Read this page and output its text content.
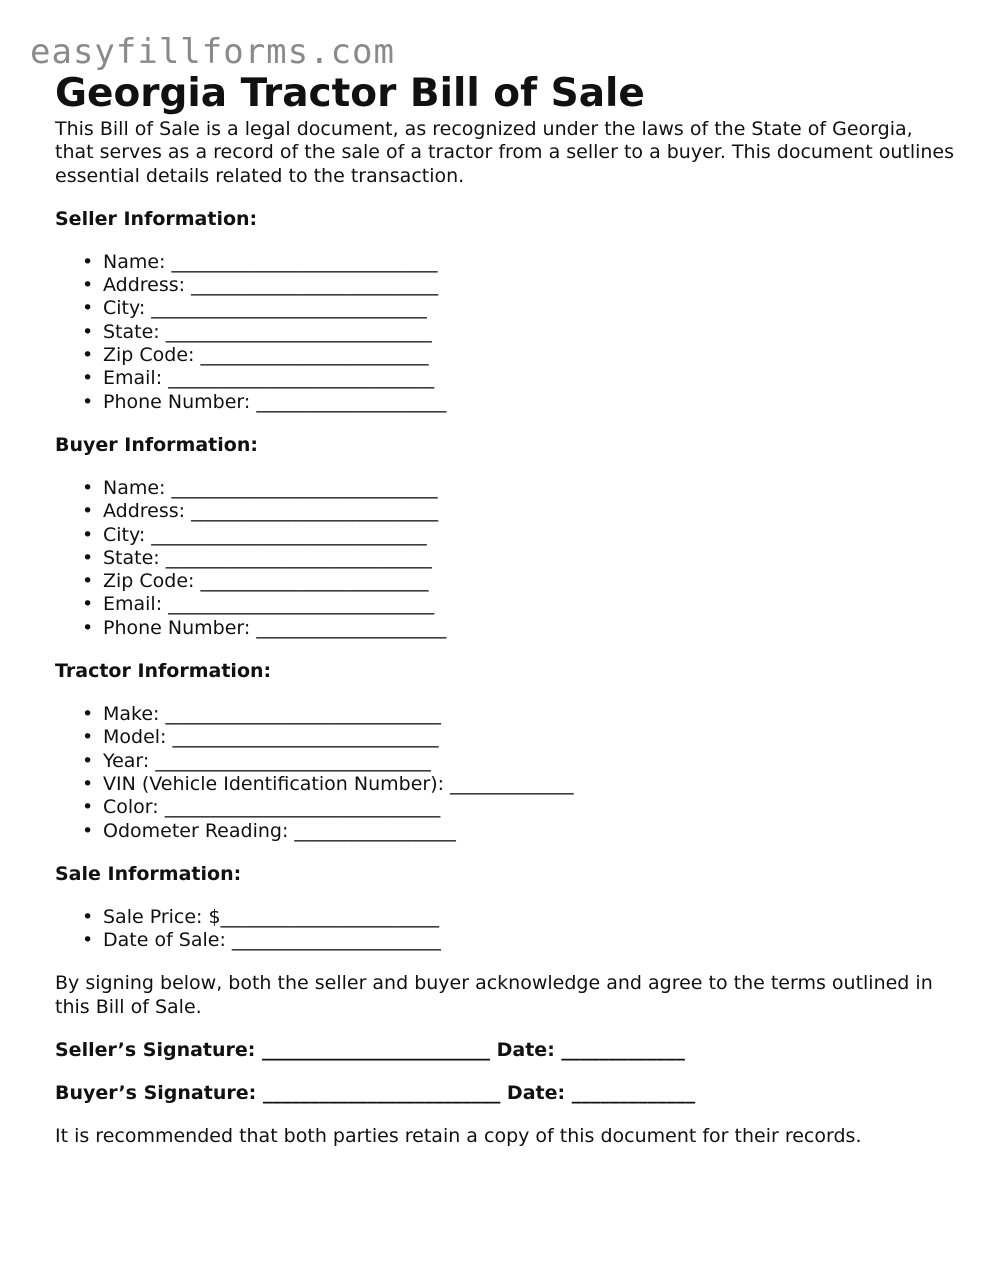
easyfillforms.com
Georgia Tractor Bill of Sale

This Bill of Sale is a legal document, as recognized under the laws of the State of Georgia, that serves as a record of the sale of a tractor from a seller to a buyer. This document outlines essential details related to the transaction.

Seller Information:
• Name: ____________________________
• Address: __________________________
• City: _____________________________
• State: ____________________________
• Zip Code: ________________________
• Email: ____________________________
• Phone Number: ____________________
Buyer Information:
• Name: ____________________________
• Address: __________________________
• City: _____________________________
• State: ____________________________
• Zip Code: ________________________
• Email: ____________________________
• Phone Number: ____________________
Tractor Information:
• Make: _____________________________
• Model: ____________________________
• Year: _____________________________
• VIN (Vehicle Identification Number): _____________
• Color: _____________________________
• Odometer Reading: _________________
Sale Information:
• Sale Price: $_______________________
• Date of Sale: ______________________

By signing below, both the seller and buyer acknowledge and agree to the terms outlined in this Bill of Sale.

Seller’s Signature: ________________________ Date: _____________

Buyer’s Signature: _________________________ Date: _____________

It is recommended that both parties retain a copy of this document for their records.
